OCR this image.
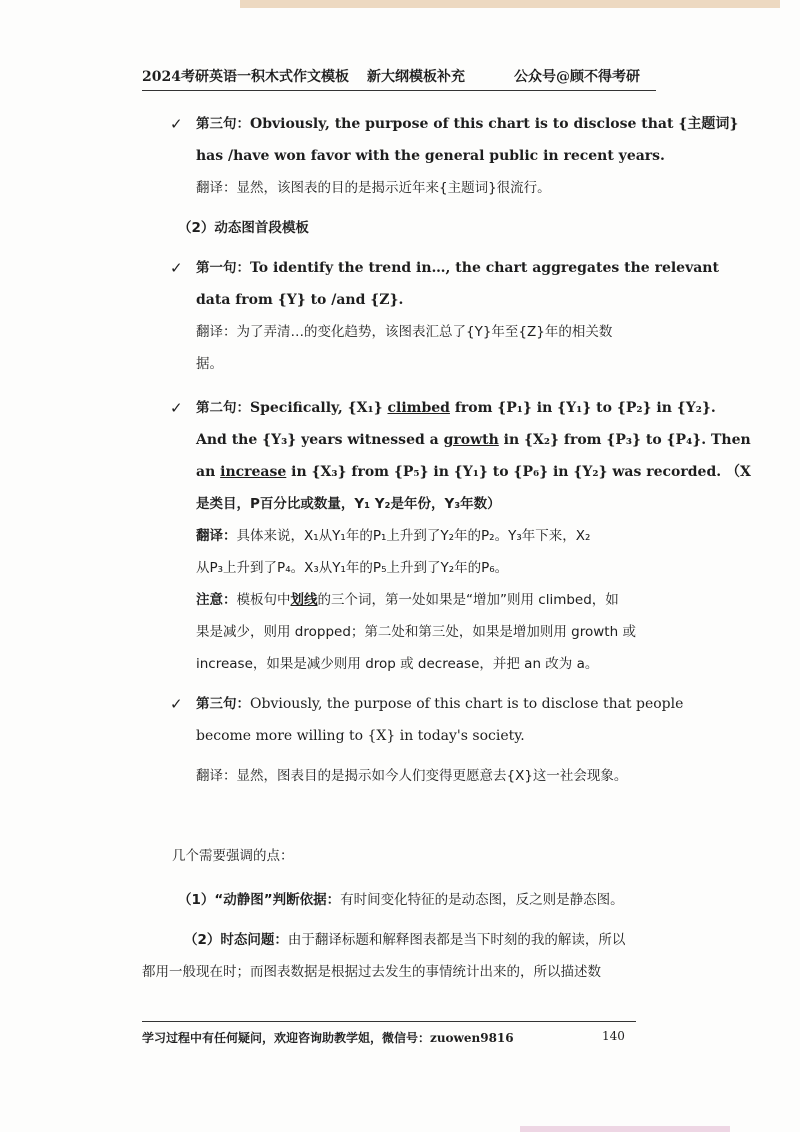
2024考研英语一积木式作文模板 新大纲模板补充	公众号@顾不得考研
✓ 第三句：Obviously, the purpose of this chart is to disclose that {主题词}
has /have won favor with the general public in recent years.
翻译：显然，该图表的目的是揭示近年来{主题词}很流行。
（2）动态图首段模板
✓ 第一句：To identify the trend in…, the chart aggregates the relevant
data from {Y} to /and {Z}.
翻译：为了弄清…的变化趋势，该图表汇总了{Y}年至{Z}年的相关数
据。
✓ 第二句：Specifically, {X₁} climbed from {P₁} in {Y₁} to {P₂} in {Y₂}.
And the {Y₃} years witnessed a growth in {X₂} from {P₃} to {P₄}. Then
an increase in {X₃} from {P₅} in {Y₁} to {P₆} in {Y₂} was recorded. （X
是类目，P百分比或数量，Y₁ Y₂是年份，Y₃年数）
翻译：具体来说，X₁从Y₁年的P₁上升到了Y₂年的P₂。Y₃年下来，X₂
从P₃上升到了P₄。X₃从Y₁年的P₅上升到了Y₂年的P₆。
注意：模板句中划线的三个词，第一处如果是“增加”则用 climbed，如
果是减少，则用 dropped；第二处和第三处，如果是增加则用 growth 或
increase，如果是减少则用 drop 或 decrease，并把 an 改为 a。
✓ 第三句：Obviously, the purpose of this chart is to disclose that people
become more willing to {X} in today's society.
翻译：显然，图表目的是揭示如今人们变得更愿意去{X}这一社会现象。
几个需要强调的点：
（1）“动静图”判断依据：有时间变化特征的是动态图，反之则是静态图。
（2）时态问题：由于翻译标题和解释图表都是当下时刻的我的解读，所以
都用一般现在时；而图表数据是根据过去发生的事情统计出来的，所以描述数
学习过程中有任何疑问，欢迎咨询助教学姐，微信号：zuowen9816	140
